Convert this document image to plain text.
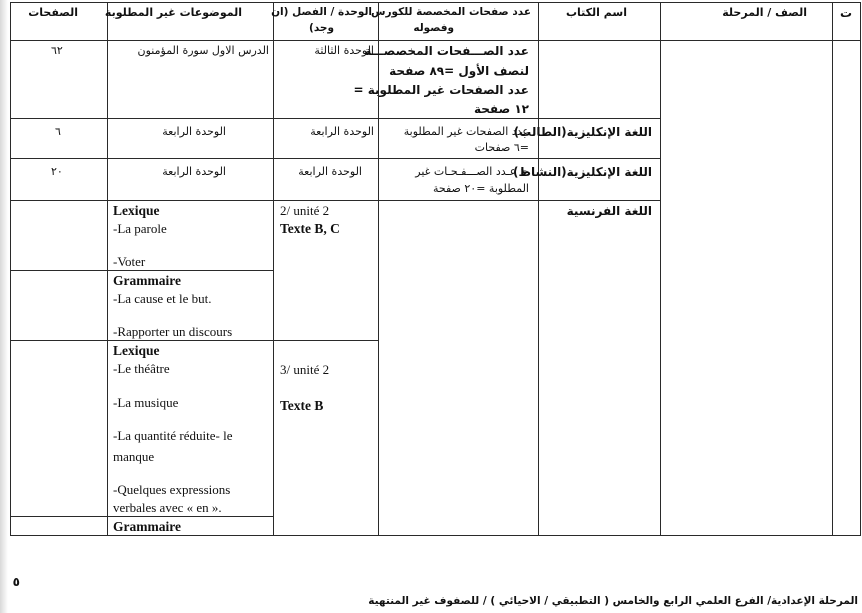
ت
الصف / المرحلة
اسم الكتاب
عدد صفحات المخصصة للكورس
وفصوله
الوحدة / الفصل (ان
وجد)
الموضوعات غير المطلوبة
الصفحات
عدد الصـــفحات المخصصـــة
لنصف الأول =٨٩ صفحة
عدد الصفحات غير المطلوبة =
١٢ صفحة
الوحدة الثالثة
الدرس الاول سورة المؤمنون
٦٢
اللغة الإنكليزية(الطالب)
عدد الصفحات غير المطلوبة
=٦ صفحات
الوحدة الرابعة
الوحدة الرابعة
٦
اللغة الإنكليزية(النشاط)
➢ عـدد الصـــفـحـات غير
المطلوبة =٢٠ صفحة
الوحدة الرابعة
الوحدة الرابعة
٢٠
اللغة الفرنسية
2/ unité 2
Texte B, C
3/ unité 2
Texte B
Lexique
-La parole
-Voter
Grammaire
-La cause et le but.
-Rapporter un discours
Lexique
-Le théâtre
-La musique
-La quantité réduite- le
manque
-Quelques expressions
verbales avec « en ».
Grammaire
٥
المرحلة الإعدادية/ الفرع العلمي الرابع والخامس ( التطبيقي / الاحيائي ) / للصفوف غير المنتهية
